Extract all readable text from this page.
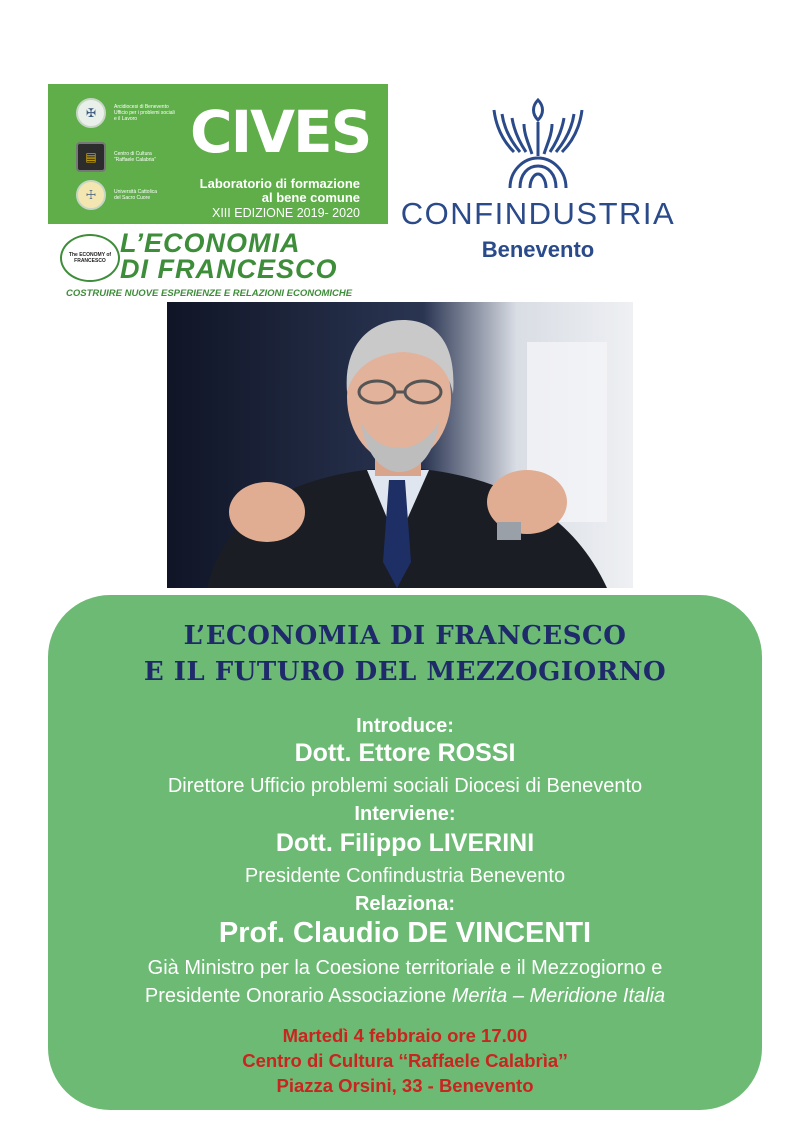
✠	Arcidiocesi di Benevento
Ufficio per i problemi sociali
e il Lavoro
▤	Centro di Cultura
“Raffaele Calabria”
☩	Università Cattolica
del Sacro Cuore
CIVES
Laboratorio di formazione
al bene comune
XIII EDIZIONE 2019- 2020
The ECONOMY of
FRANCESCO
L’ECONOMIA
DI FRANCESCO
COSTRUIRE NUOVE ESPERIENZE E RELAZIONI ECONOMICHE
CONFINDUSTRIA
Benevento
L’ECONOMIA DI FRANCESCO
E IL FUTURO DEL MEZZOGIORNO
Introduce:
Dott. Ettore ROSSI
Direttore Ufficio problemi sociali Diocesi di Benevento
Interviene:
Dott. Filippo LIVERINI
Presidente Confindustria Benevento
Relaziona:
Prof. Claudio DE VINCENTI
Già Ministro per la Coesione territoriale e il Mezzogiorno e
Presidente Onorario Associazione Merita – Meridione Italia
Martedì 4 febbraio ore 17.00
Centro di Cultura ‘‘Raffaele Calabrìa’’
Piazza Orsini, 33 - Benevento
